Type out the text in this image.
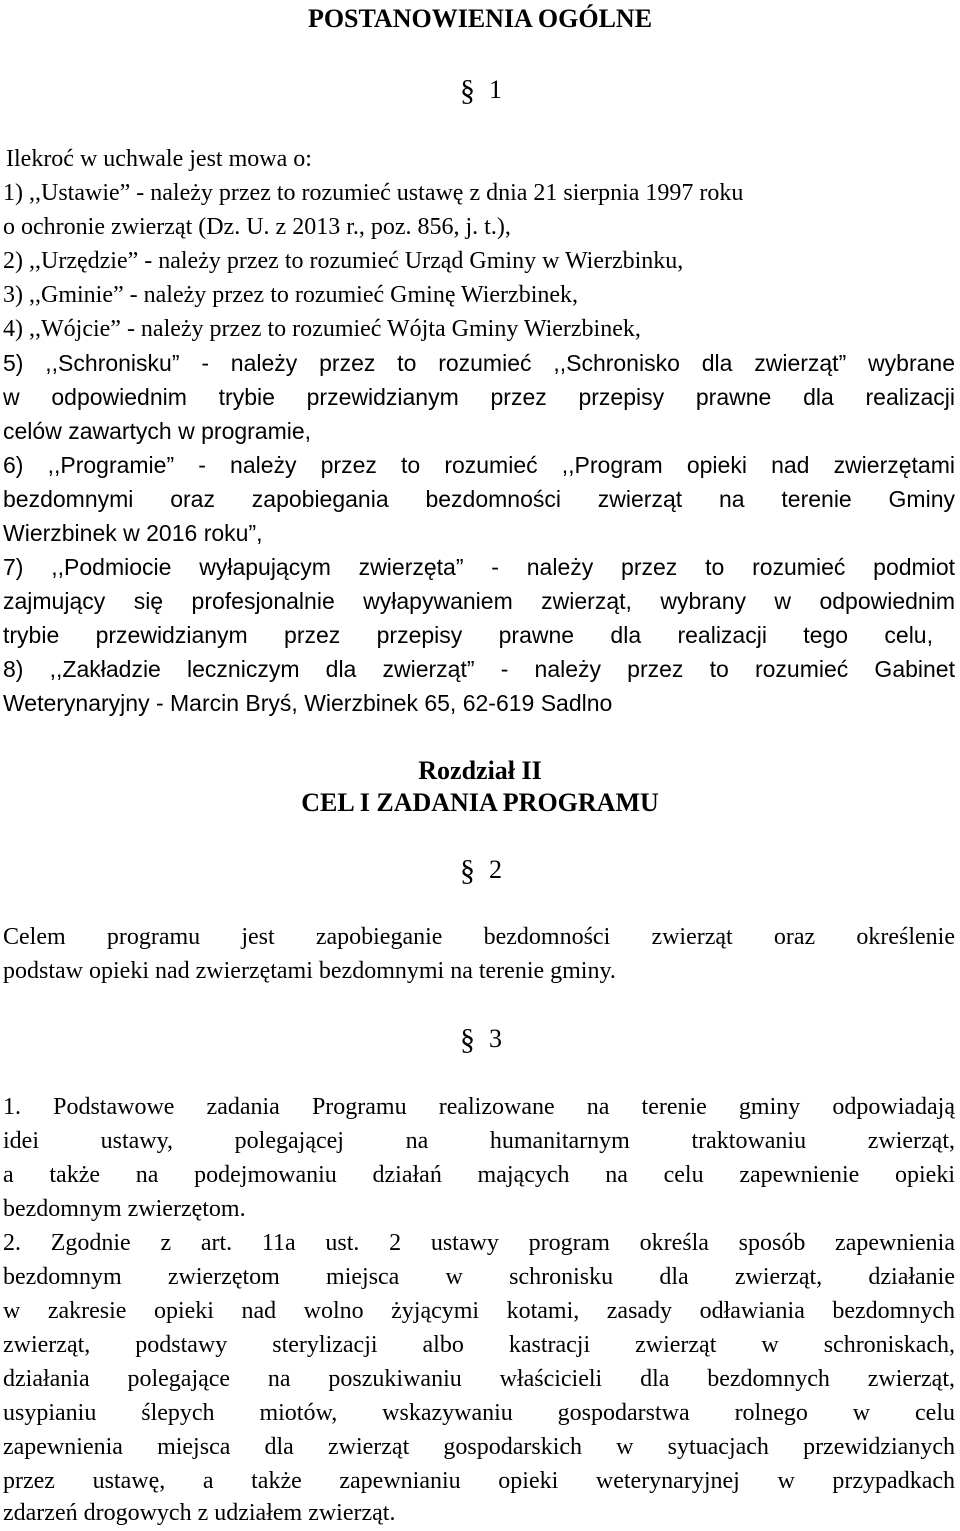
POSTANOWIENIA OGÓLNE
§ 1
Ilekroć w uchwale jest mowa o:
1) ,,Ustawie” - należy przez to rozumieć ustawę z dnia 21 sierpnia 1997 roku
o ochronie zwierząt (Dz. U. z 2013 r., poz. 856, j. t.),
2) ,,Urzędzie” - należy przez to rozumieć Urząd Gminy w Wierzbinku,
3) ,,Gminie” - należy przez to rozumieć Gminę Wierzbinek,
4) ,,Wójcie” - należy przez to rozumieć Wójta Gminy Wierzbinek,
5) ,,Schronisku” - należy przez to rozumieć ,,Schronisko dla zwierząt” wybrane
w odpowiednim trybie przewidzianym przez przepisy prawne dla realizacji
celów zawartych w programie,
6) ,,Programie” - należy przez to rozumieć ,,Program opieki nad zwierzętami
bezdomnymi oraz zapobiegania bezdomności zwierząt na terenie Gminy
Wierzbinek w 2016 roku”,
7) ,,Podmiocie wyłapującym zwierzęta” - należy przez to rozumieć podmiot
zajmujący się profesjonalnie wyłapywaniem zwierząt, wybrany w odpowiednim
trybie przewidzianym przez przepisy prawne dla realizacji tego celu,
8) ,,Zakładzie leczniczym dla zwierząt” - należy przez to rozumieć Gabinet
Weterynaryjny - Marcin Bryś, Wierzbinek 65, 62-619 Sadlno
Rozdział II
CEL I ZADANIA PROGRAMU
§ 2
Celem programu jest zapobieganie bezdomności zwierząt oraz określenie
podstaw opieki nad zwierzętami bezdomnymi na terenie gminy.
§ 3
1. Podstawowe zadania Programu realizowane na terenie gminy odpowiadają
idei ustawy, polegającej na humanitarnym traktowaniu zwierząt,
a także na podejmowaniu działań mających na celu zapewnienie opieki
bezdomnym zwierzętom.
2. Zgodnie z art. 11a ust. 2 ustawy program określa sposób zapewnienia
bezdomnym zwierzętom miejsca w schronisku dla zwierząt, działanie
w zakresie opieki nad wolno żyjącymi kotami, zasady odławiania bezdomnych
zwierząt, podstawy sterylizacji albo kastracji zwierząt w schroniskach,
działania polegające na poszukiwaniu właścicieli dla bezdomnych zwierząt,
usypianiu ślepych miotów, wskazywaniu gospodarstwa rolnego w celu
zapewnienia miejsca dla zwierząt gospodarskich w sytuacjach przewidzianych
przez ustawę, a także zapewnianiu opieki weterynaryjnej w przypadkach
zdarzeń drogowych z udziałem zwierząt.
